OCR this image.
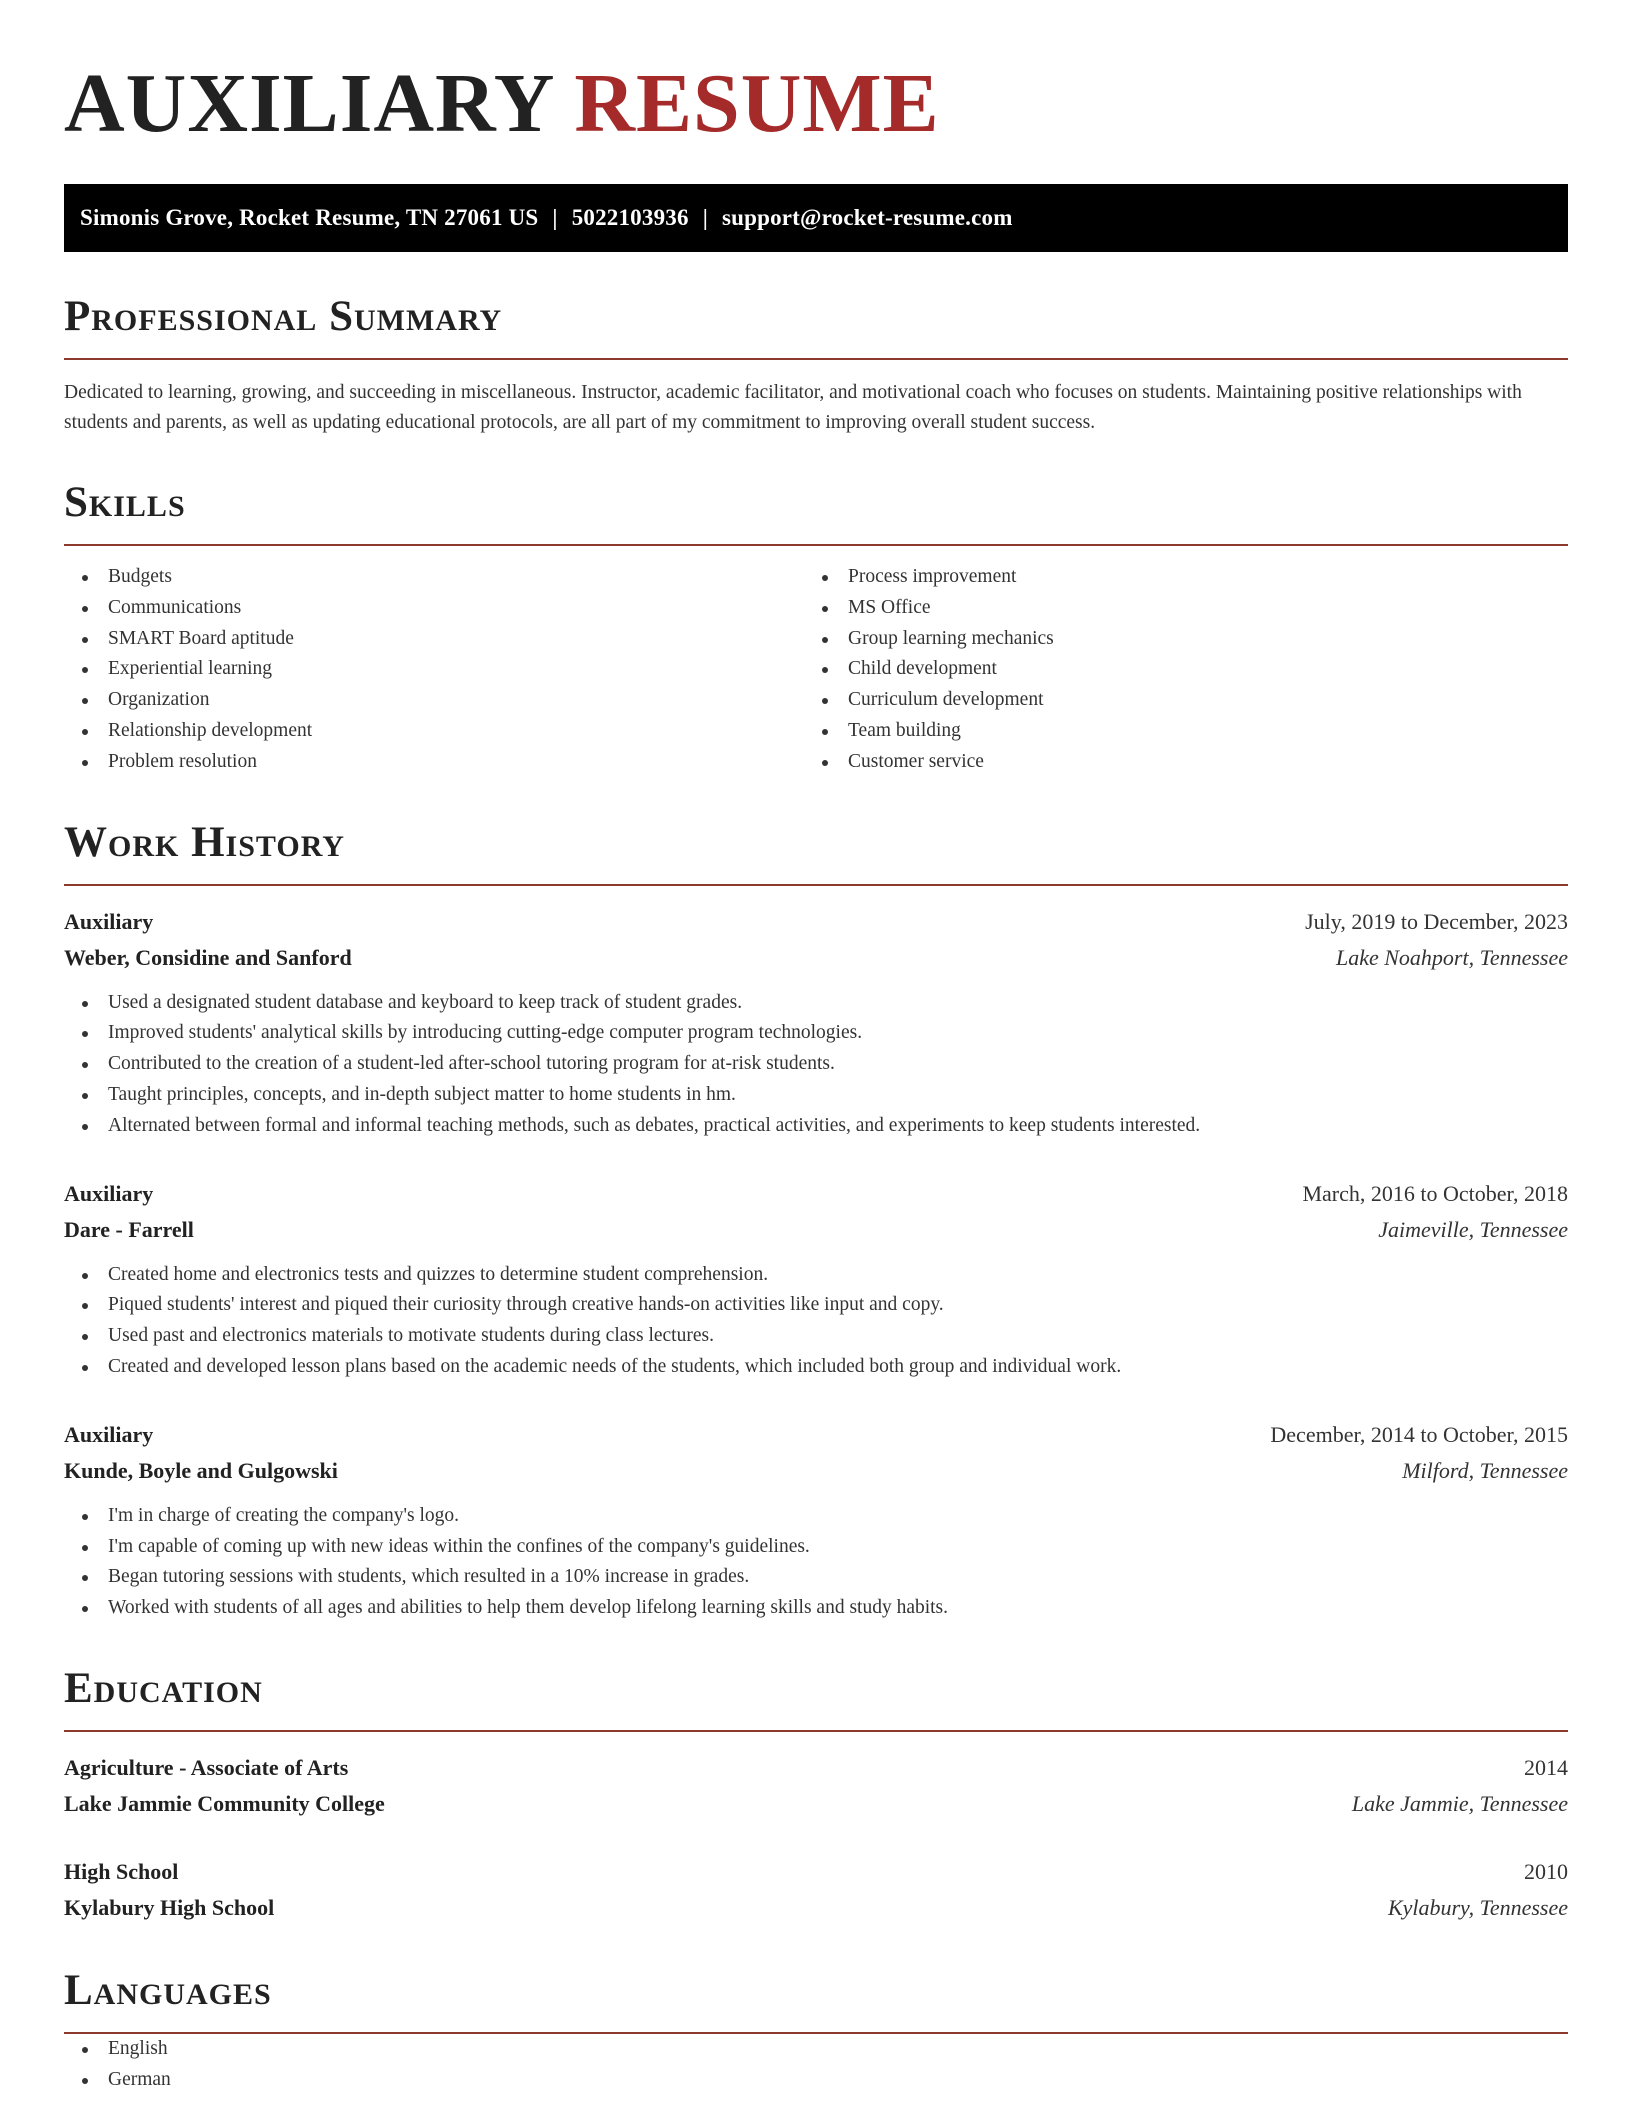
AUXILIARY RESUME
Simonis Grove, Rocket Resume, TN 27061 US | 5022103936 | support@rocket-resume.com
Professional Summary

Dedicated to learning, growing, and succeeding in miscellaneous. Instructor, academic facilitator, and motivational coach who focuses on students. Maintaining positive relationships with students and parents, as well as updating educational protocols, are all part of my commitment to improving overall student success.

Skills
Budgets
Communications
SMART Board aptitude
Experiential learning
Organization
Relationship development
Problem resolution
Process improvement
MS Office
Group learning mechanics
Child development
Curriculum development
Team building
Customer service
Work History
Auxiliary	July, 2019 to December, 2023
Weber, Considine and Sanford	Lake Noahport, Tennessee
Used a designated student database and keyboard to keep track of student grades.
Improved students' analytical skills by introducing cutting-edge computer program technologies.
Contributed to the creation of a student-led after-school tutoring program for at-risk students.
Taught principles, concepts, and in-depth subject matter to home students in hm.
Alternated between formal and informal teaching methods, such as debates, practical activities, and experiments to keep students interested.
Auxiliary	March, 2016 to October, 2018
Dare - Farrell	Jaimeville, Tennessee
Created home and electronics tests and quizzes to determine student comprehension.
Piqued students' interest and piqued their curiosity through creative hands-on activities like input and copy.
Used past and electronics materials to motivate students during class lectures.
Created and developed lesson plans based on the academic needs of the students, which included both group and individual work.
Auxiliary	December, 2014 to October, 2015
Kunde, Boyle and Gulgowski	Milford, Tennessee
I'm in charge of creating the company's logo.
I'm capable of coming up with new ideas within the confines of the company's guidelines.
Began tutoring sessions with students, which resulted in a 10% increase in grades.
Worked with students of all ages and abilities to help them develop lifelong learning skills and study habits.
Education
Agriculture - Associate of Arts	2014
Lake Jammie Community College	Lake Jammie, Tennessee
High School	2010
Kylabury High School	Kylabury, Tennessee
Languages
English
German
